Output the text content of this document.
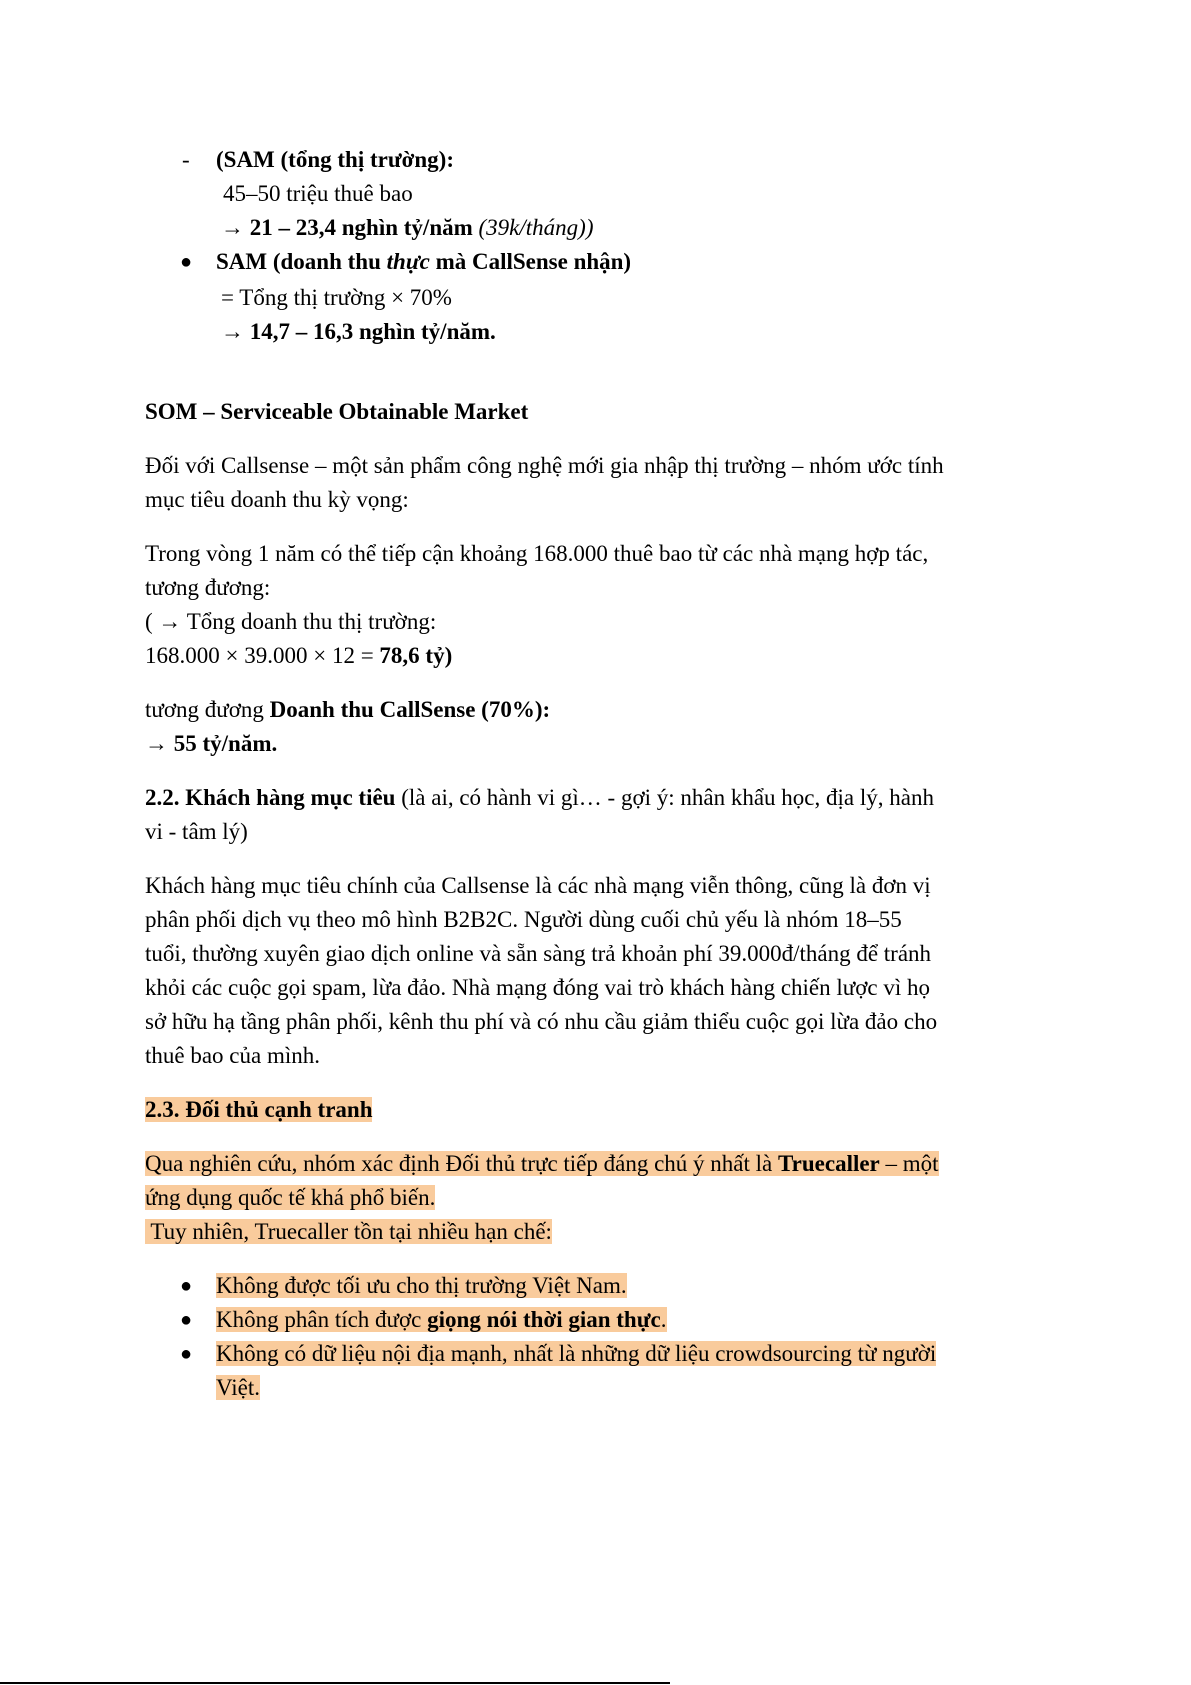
- (SAM (tổng thị trường):
45–50 triệu thuê bao
→ 21 – 23,4 nghìn tỷ/năm (39k/tháng))
● SAM (doanh thu thực mà CallSense nhận)
= Tổng thị trường × 70%
→ 14,7 – 16,3 nghìn tỷ/năm.
SOM – Serviceable Obtainable Market
Đối với Callsense – một sản phẩm công nghệ mới gia nhập thị trường – nhóm ước tính
mục tiêu doanh thu kỳ vọng:
Trong vòng 1 năm có thể tiếp cận khoảng 168.000 thuê bao từ các nhà mạng hợp tác,
tương đương:
( → Tổng doanh thu thị trường:
168.000 × 39.000 × 12 = 78,6 tỷ)
tương đương Doanh thu CallSense (70%):
→ 55 tỷ/năm.
2.2. Khách hàng mục tiêu (là ai, có hành vi gì… - gợi ý: nhân khẩu học, địa lý, hành
vi - tâm lý)
Khách hàng mục tiêu chính của Callsense là các nhà mạng viễn thông, cũng là đơn vị
phân phối dịch vụ theo mô hình B2B2C. Người dùng cuối chủ yếu là nhóm 18–55
tuổi, thường xuyên giao dịch online và sẵn sàng trả khoản phí 39.000đ/tháng để tránh
khỏi các cuộc gọi spam, lừa đảo. Nhà mạng đóng vai trò khách hàng chiến lược vì họ
sở hữu hạ tầng phân phối, kênh thu phí và có nhu cầu giảm thiểu cuộc gọi lừa đảo cho
thuê bao của mình.
2.3. Đối thủ cạnh tranh
Qua nghiên cứu, nhóm xác định Đối thủ trực tiếp đáng chú ý nhất là Truecaller – một
ứng dụng quốc tế khá phổ biến.
Tuy nhiên, Truecaller tồn tại nhiều hạn chế:
● Không được tối ưu cho thị trường Việt Nam.
● Không phân tích được giọng nói thời gian thực.
● Không có dữ liệu nội địa mạnh, nhất là những dữ liệu crowdsourcing từ người
Việt.
